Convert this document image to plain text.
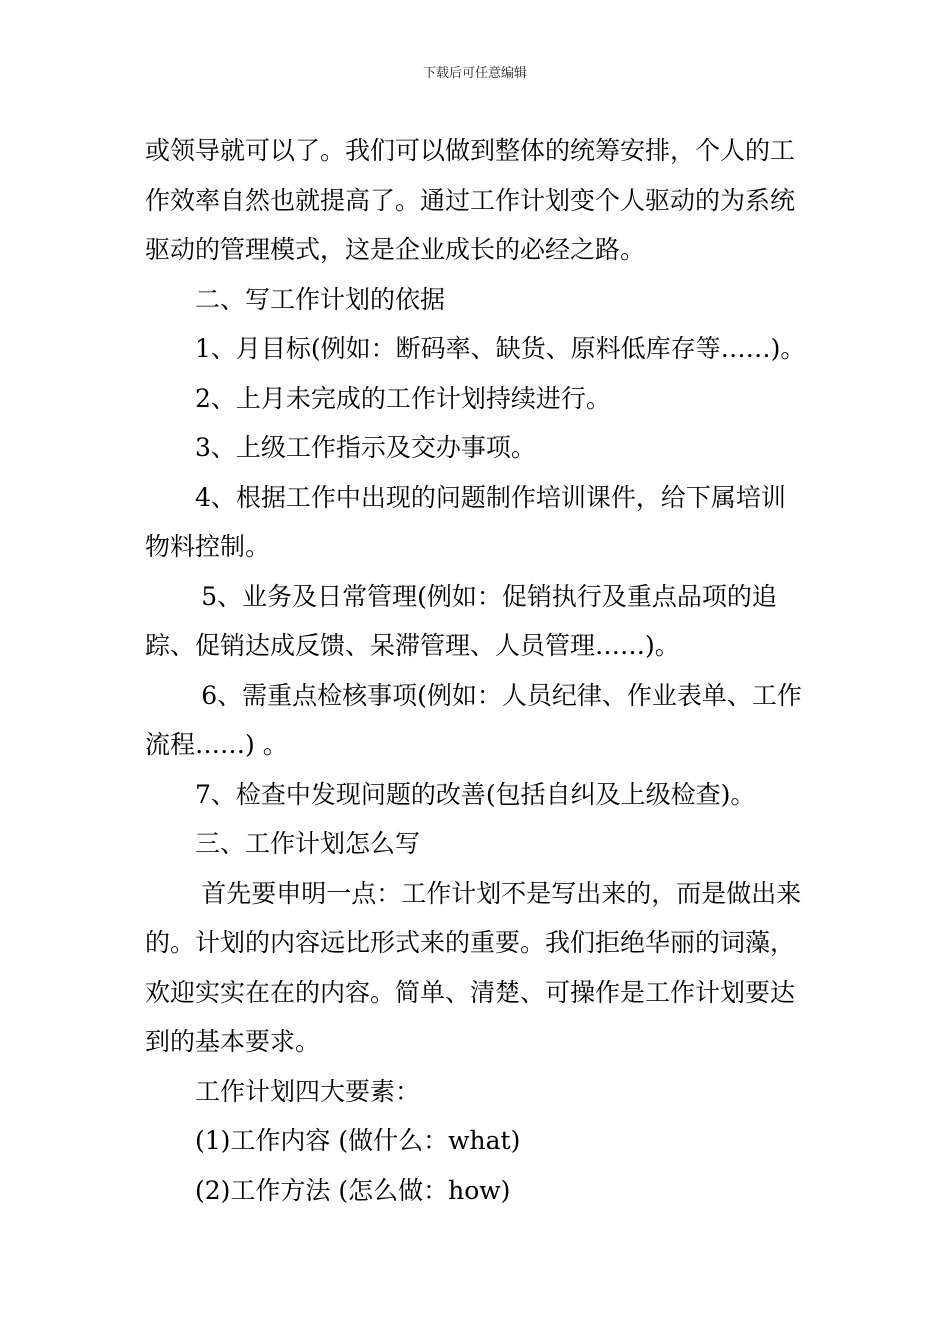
下载后可任意编辑

或领导就可以了。我们可以做到整体的统筹安排，个人的工作效率自然也就提高了。通过工作计划变个人驱动的为系统驱动的管理模式，这是企业成长的必经之路。

二、写工作计划的依据

1、月目标(例如：断码率、缺货、原料低库存等……)。

2、上月未完成的工作计划持续进行。

3、上级工作指示及交办事项。

4、根据工作中出现的问题制作培训课件，给下属培训物料控制。

5、业务及日常管理(例如：促销执行及重点品项的追踪、促销达成反馈、呆滞管理、人员管理……)。

6、需重点检核事项(例如：人员纪律、作业表单、工作流程……) 。

7、检查中发现问题的改善(包括自纠及上级检查)。

三、工作计划怎么写

首先要申明一点：工作计划不是写出来的，而是做出来的。计划的内容远比形式来的重要。我们拒绝华丽的词藻，欢迎实实在在的内容。简单、清楚、可操作是工作计划要达到的基本要求。

工作计划四大要素：

(1)工作内容 (做什么：what)

(2)工作方法 (怎么做：how)
